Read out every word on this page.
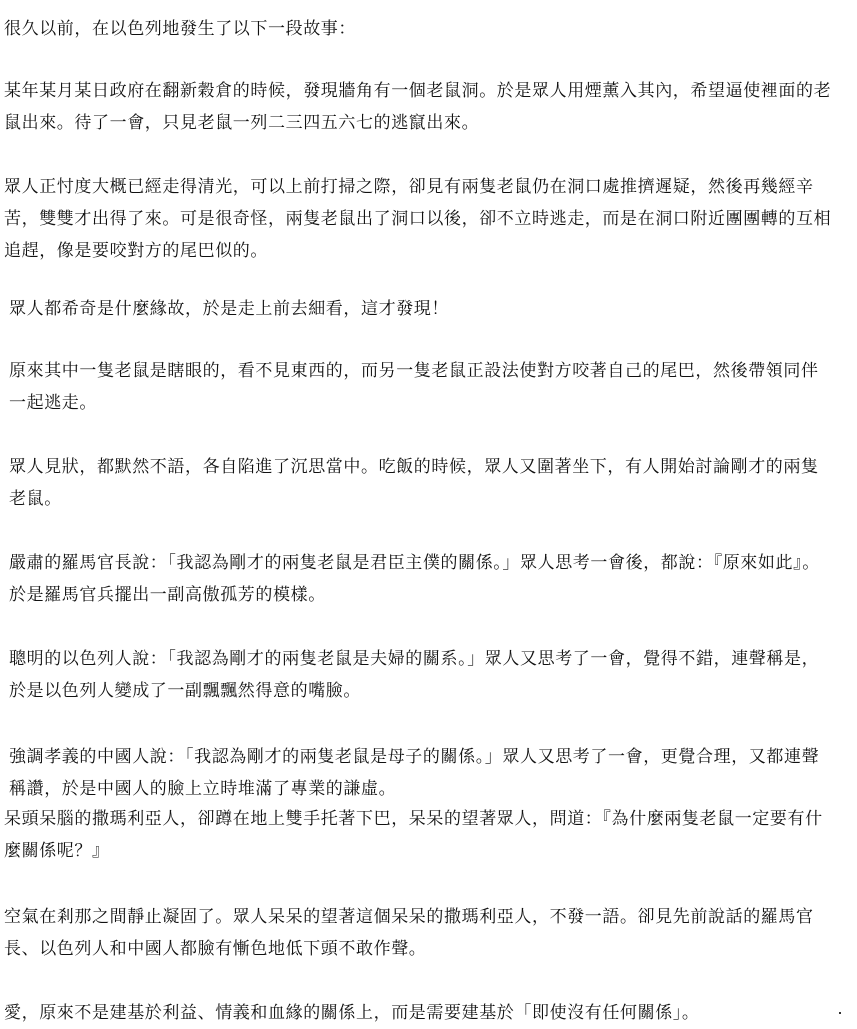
很久以前，在以色列地發生了以下一段故事：

某年某月某日政府在翻新穀倉的時候，發現牆角有一個老鼠洞。於是眾人用煙薰入其內，希望逼使裡面的老鼠出來。待了一會，只見老鼠一列二三四五六七的逃竄出來。

眾人正忖度大概已經走得清光，可以上前打掃之際，卻見有兩隻老鼠仍在洞口處推擠遲疑，然後再幾經辛苦，雙雙才出得了來。可是很奇怪，兩隻老鼠出了洞口以後，卻不立時逃走，而是在洞口附近團團轉的互相追趕，像是要咬對方的尾巴似的。

眾人都希奇是什麼緣故，於是走上前去細看，這才發現！

原來其中一隻老鼠是瞎眼的，看不見東西的，而另一隻老鼠正設法使對方咬著自己的尾巴，然後帶領同伴一起逃走。

眾人見狀，都默然不語，各自陷進了沉思當中。吃飯的時候，眾人又圍著坐下，有人開始討論剛才的兩隻老鼠。

嚴肅的羅馬官長說：「我認為剛才的兩隻老鼠是君臣主僕的關係。」眾人思考一會後，都說：『原來如此』。於是羅馬官兵擺出一副高傲孤芳的模樣。

聰明的以色列人說：「我認為剛才的兩隻老鼠是夫婦的關系。」眾人又思考了一會，覺得不錯，連聲稱是，於是以色列人變成了一副飄飄然得意的嘴臉。

強調孝義的中國人說：「我認為剛才的兩隻老鼠是母子的關係。」眾人又思考了一會，更覺合理，又都連聲稱讚，於是中國人的臉上立時堆滿了專業的謙虛。

呆頭呆腦的撒瑪利亞人，卻蹲在地上雙手托著下巴，呆呆的望著眾人，問道：『為什麼兩隻老鼠一定要有什麼關係呢？』

空氣在剎那之間靜止凝固了。眾人呆呆的望著這個呆呆的撒瑪利亞人，不發一語。卻見先前說話的羅馬官長、以色列人和中國人都臉有慚色地低下頭不敢作聲。

愛，原來不是建基於利益、情義和血緣的關係上，而是需要建基於「即使沒有任何關係」。
